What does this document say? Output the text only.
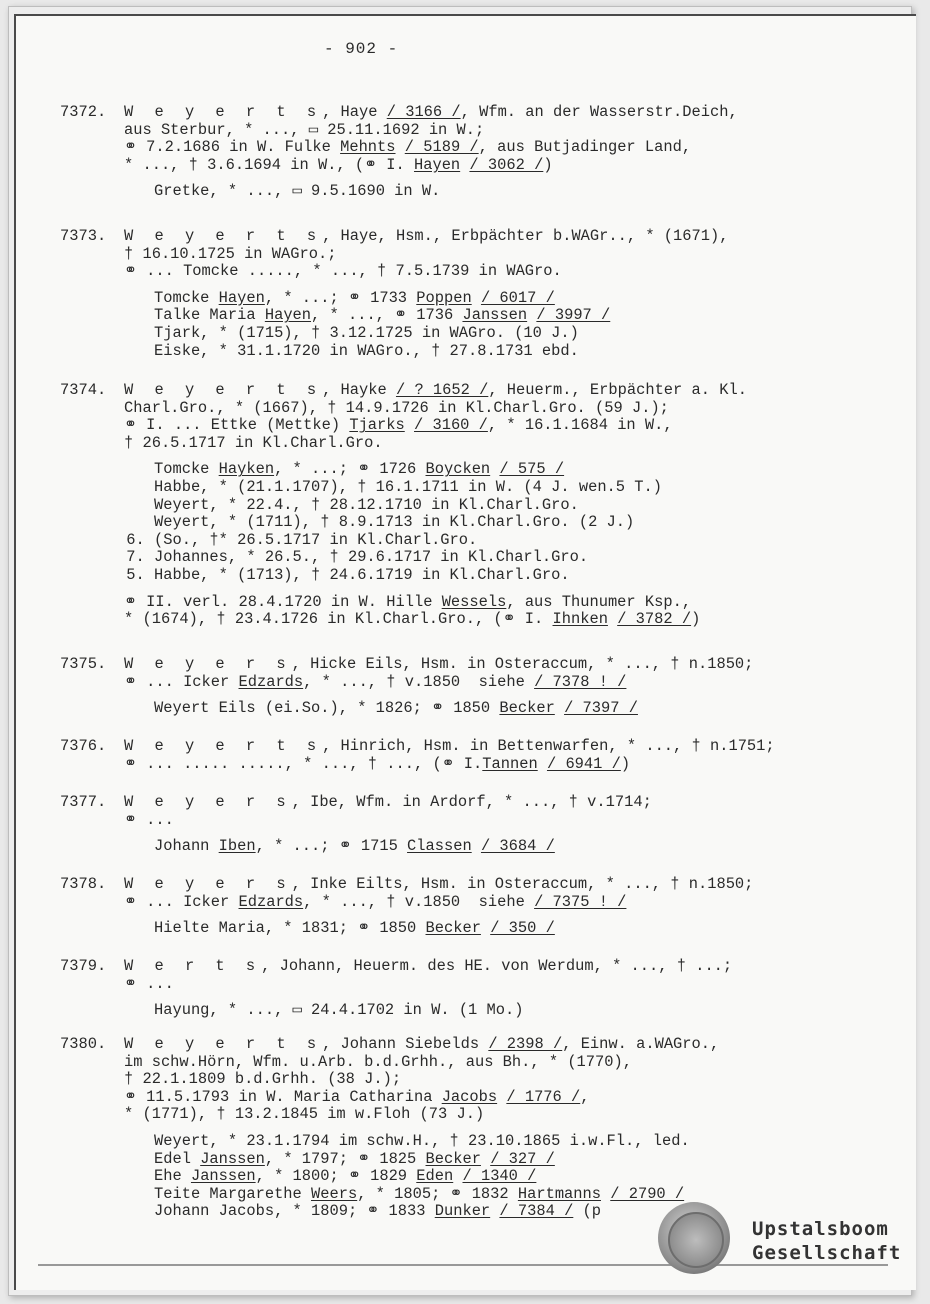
- 902 -
7372. W e y e r t s, Haye / 3166 /, Wfm. an der Wasserstr.Deich,
aus Sterbur, * ..., ▭ 25.11.1692 in W.;
⚭ 7.2.1686 in W. Fulke Mehnts / 5189 /, aus Butjadinger Land,
* ..., † 3.6.1694 in W., (⚭ I. Hayen / 3062 /)
Gretke, * ..., ▭ 9.5.1690 in W.
7373. W e y e r t s, Haye, Hsm., Erbpächter b.WAGr.., * (1671),
† 16.10.1725 in WAGro.;
⚭ ... Tomcke ....., * ..., † 7.5.1739 in WAGro.
Tomcke Hayen, * ...; ⚭ 1733 Poppen / 6017 /
Talke Maria Hayen, * ..., ⚭ 1736 Janssen / 3997 /
Tjark, * (1715), † 3.12.1725 in WAGro. (10 J.)
Eiske, * 31.1.1720 in WAGro., † 27.8.1731 ebd.
7374. W e y e r t s, Hayke / ? 1652 /, Heuerm., Erbpächter a. Kl.
Charl.Gro., * (1667), † 14.9.1726 in Kl.Charl.Gro. (59 J.);
⚭ I. ... Ettke (Mettke) Tjarks / 3160 /, * 16.1.1684 in W.,
† 26.5.1717 in Kl.Charl.Gro.
Tomcke Hayken, * ...; ⚭ 1726 Boycken / 575 /
Habbe, * (21.1.1707), † 16.1.1711 in W. (4 J. wen.5 T.)
Weyert, * 22.4., † 28.12.1710 in Kl.Charl.Gro.
Weyert, * (1711), † 8.9.1713 in Kl.Charl.Gro. (2 J.)
6. (So., †* 26.5.1717 in Kl.Charl.Gro.
7. Johannes, * 26.5., † 29.6.1717 in Kl.Charl.Gro.
5. Habbe, * (1713), † 24.6.1719 in Kl.Charl.Gro.
⚭ II. verl. 28.4.1720 in W. Hille Wessels, aus Thunumer Ksp.,
* (1674), † 23.4.1726 in Kl.Charl.Gro., (⚭ I. Ihnken / 3782 /)
7375. W e y e r s, Hicke Eils, Hsm. in Osteraccum, * ..., † n.1850;
⚭ ... Icker Edzards, * ..., † v.1850  siehe / 7378 ! /
Weyert Eils (ei.So.), * 1826; ⚭ 1850 Becker / 7397 /
7376. W e y e r t s, Hinrich, Hsm. in Bettenwarfen, * ..., † n.1751;
⚭ ... ..... ....., * ..., † ..., (⚭ I.Tannen / 6941 /)
7377. W e y e r s, Ibe, Wfm. in Ardorf, * ..., † v.1714;
⚭ ...
Johann Iben, * ...; ⚭ 1715 Classen / 3684 /
7378. W e y e r s, Inke Eilts, Hsm. in Osteraccum, * ..., † n.1850;
⚭ ... Icker Edzards, * ..., † v.1850  siehe / 7375 ! /
Hielte Maria, * 1831; ⚭ 1850 Becker / 350 /
7379. W e r t s, Johann, Heuerm. des HE. von Werdum, * ..., † ...;
⚭ ...
Hayung, * ..., ▭ 24.4.1702 in W. (1 Mo.)
7380. W e y e r t s, Johann Siebelds / 2398 /, Einw. a.WAGro.,
im schw.Hörn, Wfm. u.Arb. b.d.Grhh., aus Bh., * (1770),
† 22.1.1809 b.d.Grhh. (38 J.);
⚭ 11.5.1793 in W. Maria Catharina Jacobs / 1776 /,
* (1771), † 13.2.1845 im w.Floh (73 J.)
Weyert, * 23.1.1794 im schw.H., † 23.10.1865 i.w.Fl., led.
Edel Janssen, * 1797; ⚭ 1825 Becker / 327 /
Ehe Janssen, * 1800; ⚭ 1829 Eden / 1340 /
Teite Margarethe Weers, * 1805; ⚭ 1832 Hartmanns / 2790 /
Johann Jacobs, * 1809; ⚭ 1833 Dunker / 7384 / (p
Upstalsboom
Gesellschaft
